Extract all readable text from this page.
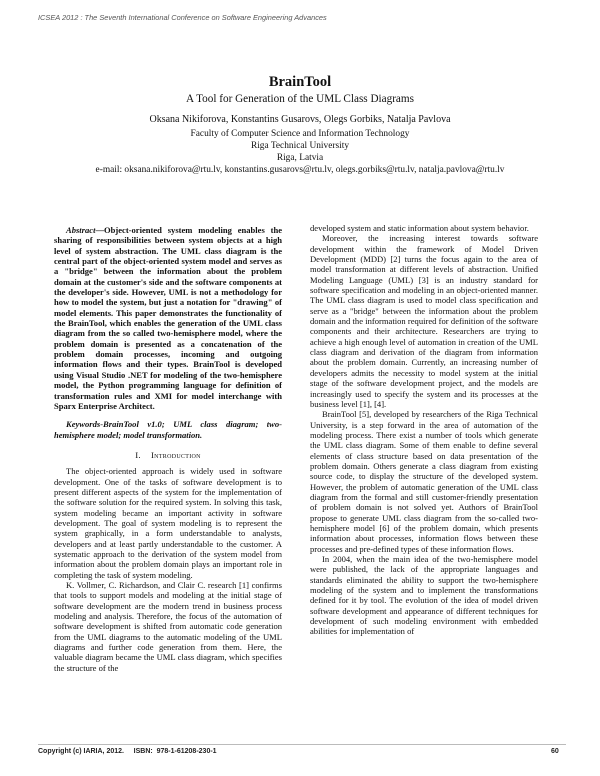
ICSEA 2012 : The Seventh International Conference on Software Engineering Advances
BrainTool
A Tool for Generation of the UML Class Diagrams
Oksana Nikiforova, Konstantins Gusarovs, Olegs Gorbiks, Natalja Pavlova
Faculty of Computer Science and Information Technology
Riga Technical University
Riga, Latvia
e-mail: oksana.nikiforova@rtu.lv, konstantins.gusarovs@rtu.lv, olegs.gorbiks@rtu.lv, natalja.pavlova@rtu.lv

Abstract—Object-oriented system modeling enables the sharing of responsibilities between system objects at a high level of system abstraction. The UML class diagram is the central part of the object-oriented system model and serves as a "bridge" between the information about the problem domain at the customer's side and the software components at the developer's side. However, UML is not a methodology for how to model the system, but just a notation for "drawing" of model elements. This paper demonstrates the functionality of the BrainTool, which enables the generation of the UML class diagram from the so called two-hemisphere model, where the problem domain is presented as a concatenation of the problem domain processes, incoming and outgoing information flows and their types. BrainTool is developed using Visual Studio .NET for modeling of the two-hemisphere model, the Python programming language for definition of transformation rules and XMI for model interchange with Sparx Enterprise Architect.

Keywords-BrainTool v1.0; UML class diagram; two-hemisphere model; model transformation.

I. Introduction

The object-oriented approach is widely used in software development. One of the tasks of software development is to present different aspects of the system for the implementation of the software solution for the required system. In solving this task, system modeling became an important activity in software development. The goal of system modeling is to represent the system graphically, in a form understandable to analysts, developers and at least partly understandable to the customer. A systematic approach to the derivation of the system model from information about the problem domain plays an important role in completing the task of system modeling.

K. Vollmer, C. Richardson, and Clair C. research [1] confirms that tools to support models and modeling at the initial stage of software development are the modern trend in business process modeling and analysis. Therefore, the focus of the automation of software development is shifted from automatic code generation from the UML diagrams to the automatic modeling of the UML diagrams and further code generation from them. Here, the valuable diagram became the UML class diagram, which specifies the structure of the

developed system and static information about system behavior.

Moreover, the increasing interest towards software development within the framework of Model Driven Development (MDD) [2] turns the focus again to the area of model transformation at different levels of abstraction. Unified Modeling Language (UML) [3] is an industry standard for software specification and modeling in an object-oriented manner. The UML class diagram is used to model class specification and serve as a "bridge" between the information about the problem domain and the information required for definition of the software components and their architecture. Researchers are trying to achieve a high enough level of automation in creation of the UML class diagram and derivation of the diagram from information about the problem domain. Currently, an increasing number of developers admits the necessity to model system at the initial stage of the software development project, and the models are increasingly used to specify the system and its processes at the business level [1], [4].

BrainTool [5], developed by researchers of the Riga Technical University, is a step forward in the area of automation of the modeling process. There exist a number of tools which generate the UML class diagram. Some of them enable to define several elements of class structure based on data presentation of the problem domain. Others generate a class diagram from existing source code, to display the structure of the developed system. However, the problem of automatic generation of the UML class diagram from the formal and still customer-friendly presentation of problem domain is not solved yet. Authors of BrainTool propose to generate UML class diagram from the so-called two-hemisphere model [6] of the problem domain, which presents information about processes, information flows between these processes and pre-defined types of these information flows.

In 2004, when the main idea of the two-hemisphere model were published, the lack of the appropriate languages and standards eliminated the ability to support the two-hemisphere modeling of the system and to implement the transformations defined for it by tool. The evolution of the idea of model driven software development and appearance of different techniques for development of such modeling environment with embedded abilities for implementation of

Copyright (c) IARIA, 2012.     ISBN:  978-1-61208-230-1	60
